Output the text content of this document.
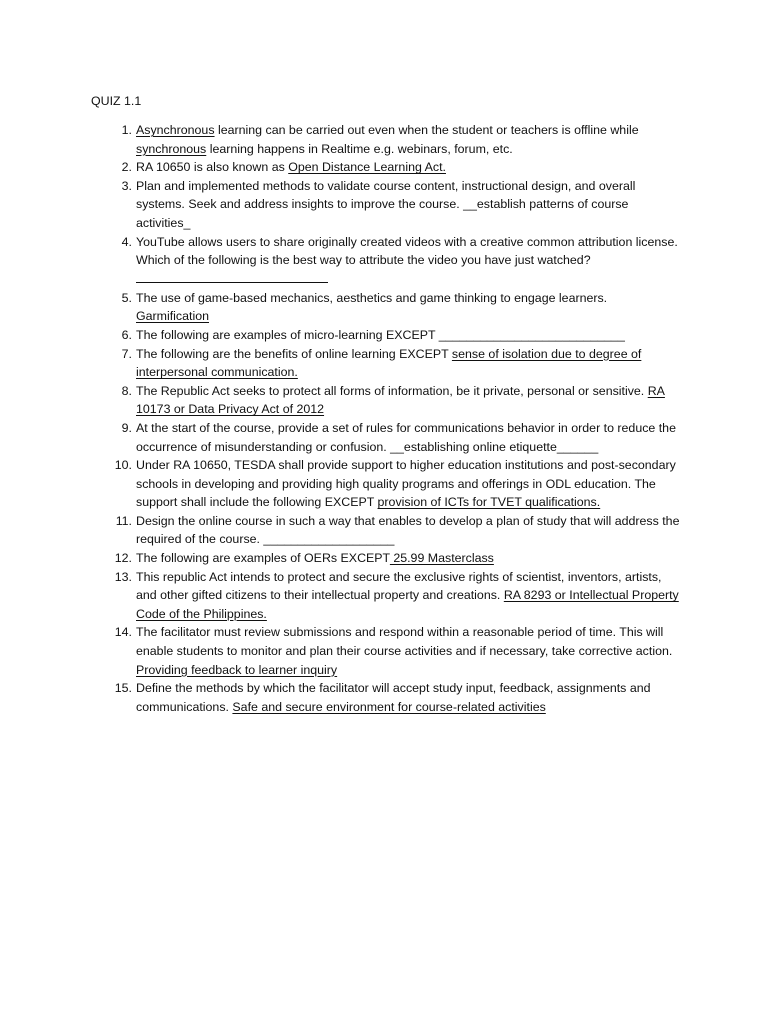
QUIZ 1.1
1. Asynchronous learning can be carried out even when the student or teachers is offline while synchronous learning happens in Realtime e.g. webinars, forum, etc.
2. RA 10650 is also known as Open Distance Learning Act.
3. Plan and implemented methods to validate course content, instructional design, and overall systems. Seek and address insights to improve the course. __establish patterns of course activities_
4. YouTube allows users to share originally created videos with a creative common attribution license. Which of the following is the best way to attribute the video you have just watched?
5. The use of game-based mechanics, aesthetics and game thinking to engage learners. Garmification
6. The following are examples of micro-learning EXCEPT ___________________________
7. The following are the benefits of online learning EXCEPT sense of isolation due to degree of interpersonal communication.
8. The Republic Act seeks to protect all forms of information, be it private, personal or sensitive. RA 10173 or Data Privacy Act of 2012
9. At the start of the course, provide a set of rules for communications behavior in order to reduce the occurrence of misunderstanding or confusion. __establishing online etiquette______
10. Under RA 10650, TESDA shall provide support to higher education institutions and post-secondary schools in developing and providing high quality programs and offerings in ODL education. The support shall include the following EXCEPT provision of ICTs for TVET qualifications.
11. Design the online course in such a way that enables to develop a plan of study that will address the required of the course. ___________________
12. The following are examples of OERs EXCEPT 25.99 Masterclass
13. This republic Act intends to protect and secure the exclusive rights of scientist, inventors, artists, and other gifted citizens to their intellectual property and creations. RA 8293 or Intellectual Property Code of the Philippines.
14. The facilitator must review submissions and respond within a reasonable period of time. This will enable students to monitor and plan their course activities and if necessary, take corrective action. Providing feedback to learner inquiry
15. Define the methods by which the facilitator will accept study input, feedback, assignments and communications. Safe and secure environment for course-related activities
